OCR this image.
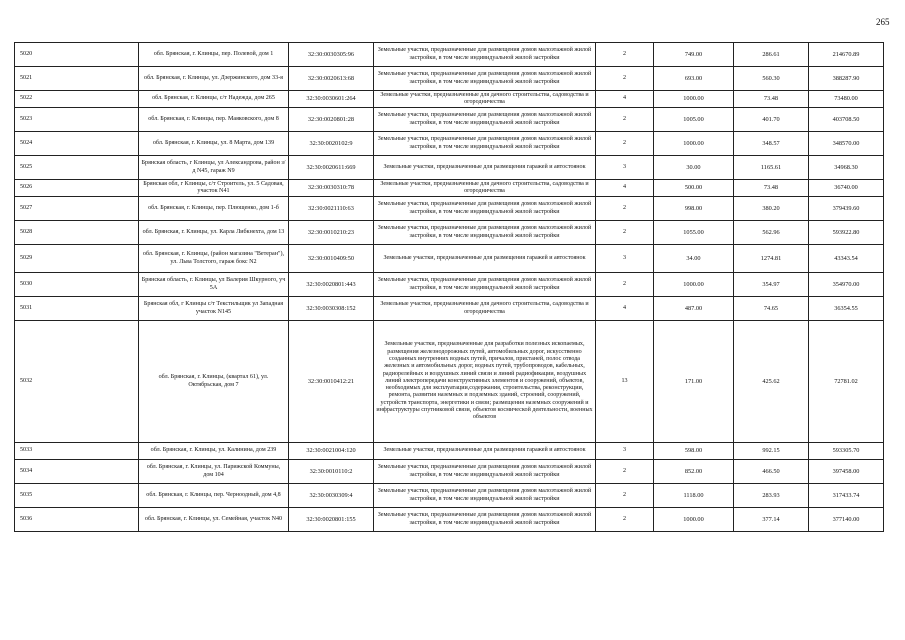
265
5020	обл. Брянская, г. Клинцы, пер. Полевой, дом 1	32:30:0030305:96	Земельные участки, предназначенные для размещения домов малоэтажной жилой застройки, в том числе индивидуальной жилой застройки	2	749.00	286.61	214670.89
5021	обл. Брянская, г. Клинцы, ул. Дзержинского, дом 33-я	32:30:0020613:68	Земельные участки, предназначенные для размещения домов малоэтажной жилой застройки, в том числе индивидуальной жилой застройки	2	693.00	560.30	388287.90
5022	обл. Брянская, г. Клинцы, с/т Надежда, дом 265	32:30:0030601:264	Земельные участки, предназначенные для дачного строительства, садоводства и огородничества	4	1000.00	73.48	73480.00
5023	обл. Брянская, г. Клинцы, пер. Маяковского, дом 8	32:30:0020801:28	Земельные участки, предназначенные для размещения домов малоэтажной жилой застройки, в том числе индивидуальной жилой застройки	2	1005.00	401.70	403708.50
5024	обл. Брянская, г. Клинцы, ул. 8 Марта, дом 139	32:30:0020102:9	Земельные участки, предназначенные для размещения домов малоэтажной жилой застройки, в том числе индивидуальной жилой застройки	2	1000.00	348.57	348570.00
5025	Брянская область, г Клинцы, ул Александрова, район з/д N45, гараж N9	32:30:0020611:669	Земельные участки, предназначенные для размещения гаражей и автостоянок	3	30.00	1165.61	34968.30
5026	Брянская обл, г Клинцы, с/т Строитель, ул. 5 Садовая, участок N41	32:30:0030310:78	Земельные участки, предназначенные для дачного строительства, садоводства и огородничества	4	500.00	73.48	36740.00
5027	обл. Брянская, г. Клинцы, пер. Плющенко, дом 1-б	32:30:0021110:63	Земельные участки, предназначенные для размещения домов малоэтажной жилой застройки, в том числе индивидуальной жилой застройки	2	998.00	380.20	379439.60
5028	обл. Брянская, г. Клинцы, ул. Карла Либкнехта, дом 13	32:30:0010210:23	Земельные участки, предназначенные для размещения домов малоэтажной жилой застройки, в том числе индивидуальной жилой застройки	2	1055.00	562.96	593922.80
5029	обл. Брянская, г. Клинцы, (район магазина "Ветеран"), ул. Льва Толстого, гараж бокс N2	32:30:0010409:50	Земельные участки, предназначенные для размещения гаражей и автостоянок	3	34.00	1274.81	43343.54
5030	Брянская область, г. Клинцы, ул Валерия Шкурного, уч 5А	32:30:0020801:443	Земельные участки, предназначенные для размещения домов малоэтажной жилой застройки, в том числе индивидуальной жилой застройки	2	1000.00	354.97	354970.00
5031	Брянская обл, г Клинцы с/т Текстильщик ул Западная участок N145	32:30:0030308:152	Земельные участки, предназначенные для дачного строительства, садоводства и огородничества	4	487.00	74.65	36354.55
5032	обл. Брянская, г. Клинцы, (квартал 61), ул. Октябрьская, дом 7	32:30:0010412:21	Земельные участки, предназначенные для разработки полезных ископаемых, размещения железнодорожных путей, автомобильных дорог, искусственно созданных внутренних водных путей, причалов, пристаней, полос отвода железных и автомобильных дорог, водных путей, трубопроводов, кабельных, радиорелейных и воздушных линий связи и линий радиофикации, воздушных линий электропередачи конструктивных элементов и сооружений, объектов, необходимых для эксплуатации,содержания, строительства, реконструкции, ремонта, развития наземных и подземных зданий, строений, сооружений, устройств транспорта, энергетики и связи; размещения наземных сооружений и инфраструктуры спутниковой связи, объектов космической деятельности, военных объектов	13	171.00	425.62	72781.02
5033	обл. Брянская, г. Клинцы, ул. Калинина, дом 239	32:30:0021004:120	Земельные участки, предназначенные для размещения гаражей и автостоянок	3	598.00	992.15	593305.70
5034	обл. Брянская, г. Клинцы, ул. Парижской Коммуны, дом 104	32:30:0010110:2	Земельные участки, предназначенные для размещения домов малоэтажной жилой застройки, в том числе индивидуальной жилой застройки	2	852.00	466.50	397458.00
5035	обл. Брянская, г. Клинцы, пер. Черноодный, дом 4,8	32:30:0030309:4	Земельные участки, предназначенные для размещения домов малоэтажной жилой застройки, в том числе индивидуальной жилой застройки	2	1118.00	283.93	317433.74
5036	обл. Брянская, г. Клинцы, ул. Семейная, участок N40	32:30:0020801:155	Земельные участки, предназначенные для размещения домов малоэтажной жилой застройки, в том числе индивидуальной жилой застройки	2	1000.00	377.14	377140.00
